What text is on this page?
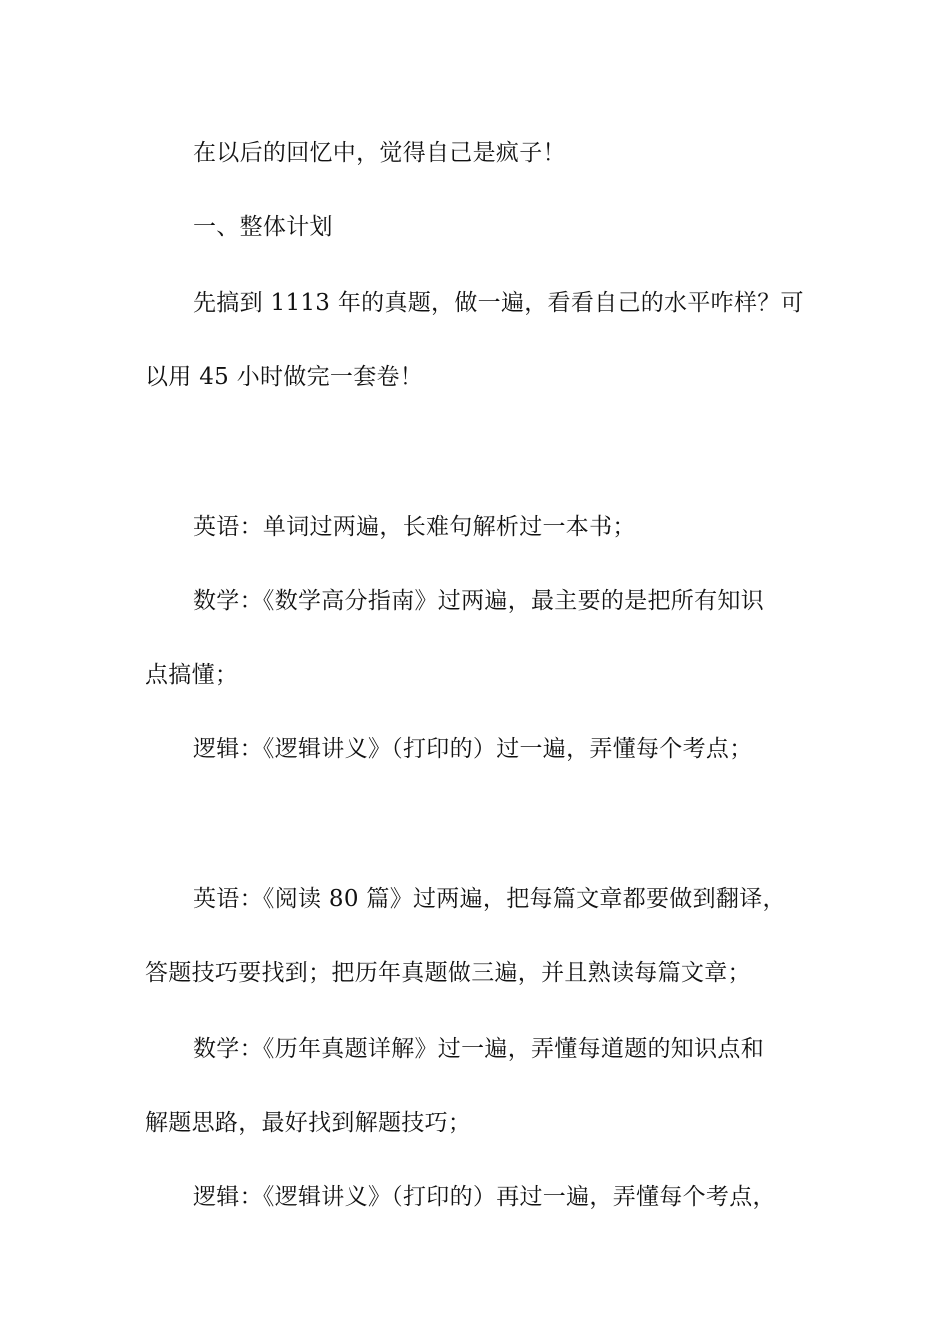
在以后的回忆中，觉得自己是疯子！
一、整体计划
先搞到 1113 年的真题，做一遍，看看自己的水平咋样？可
以用 45 小时做完一套卷！
英语：单词过两遍，长难句解析过一本书；
数学：《数学高分指南》过两遍，最主要的是把所有知识
点搞懂；
逻辑：《逻辑讲义》（打印的）过一遍，弄懂每个考点；
英语：《阅读 80 篇》过两遍，把每篇文章都要做到翻译，
答题技巧要找到；把历年真题做三遍，并且熟读每篇文章；
数学：《历年真题详解》过一遍，弄懂每道题的知识点和
解题思路，最好找到解题技巧；
逻辑：《逻辑讲义》（打印的）再过一遍，弄懂每个考点，
